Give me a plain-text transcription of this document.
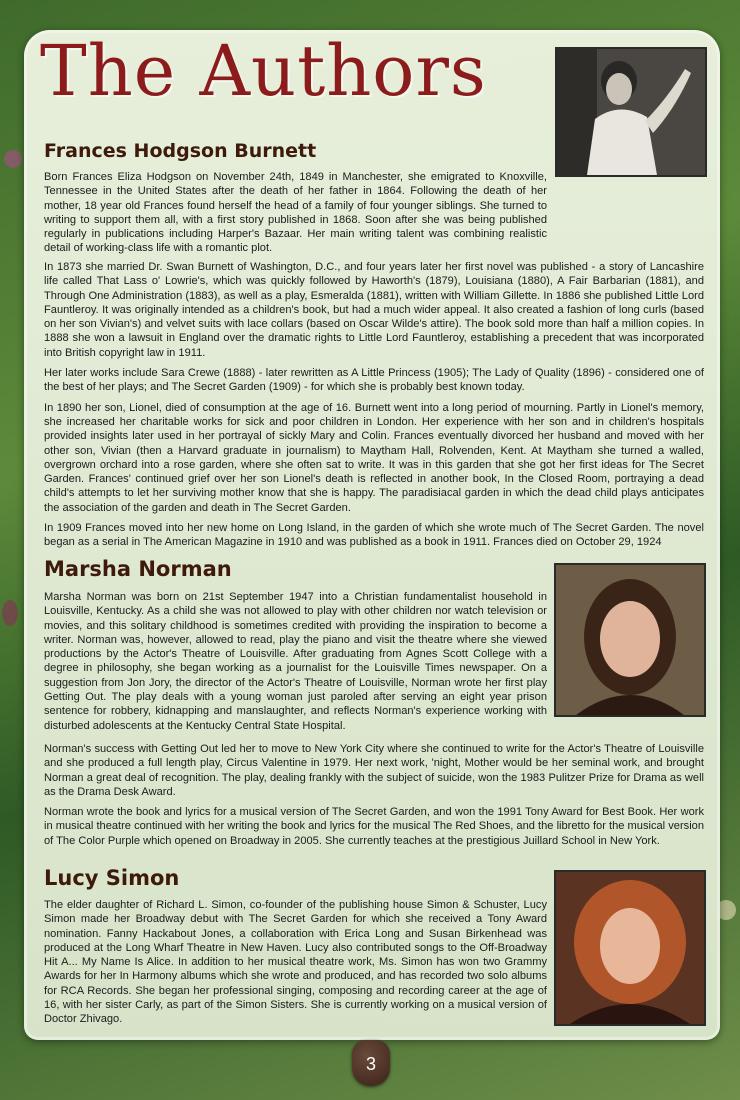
The Authors
Frances Hodgson Burnett

Born Frances Eliza Hodgson on November 24th, 1849 in Manchester, she emigrated to Knoxville, Tennessee in the United States after the death of her father in 1864. Following the death of her mother, 18 year old Frances found herself the head of a family of four younger siblings. She turned to writing to support them all, with a first story published in 1868. Soon after she was being published regularly in publications including Harper's Bazaar. Her main writing talent was combining realistic detail of working-class life with a romantic plot.

In 1873 she married Dr. Swan Burnett of Washington, D.C., and four years later her first novel was published - a story of Lancashire life called That Lass o' Lowrie's, which was quickly followed by Haworth's (1879), Louisiana (1880), A Fair Barbarian (1881), and Through One Administration (1883), as well as a play, Esmeralda (1881), written with William Gillette. In 1886 she published Little Lord Fauntleroy. It was originally intended as a children's book, but had a much wider appeal. It also created a fashion of long curls (based on her son Vivian's) and velvet suits with lace collars (based on Oscar Wilde's attire). The book sold more than half a million copies. In 1888 she won a lawsuit in England over the dramatic rights to Little Lord Fauntleroy, establishing a precedent that was incorporated into British copyright law in 1911.

Her later works include Sara Crewe (1888) - later rewritten as A Little Princess (1905); The Lady of Quality (1896) - considered one of the best of her plays; and The Secret Garden (1909) - for which she is probably best known today.

In 1890 her son, Lionel, died of consumption at the age of 16. Burnett went into a long period of mourning. Partly in Lionel's memory, she increased her charitable works for sick and poor children in London. Her experience with her son and in children's hospitals provided insights later used in her portrayal of sickly Mary and Colin. Frances eventually divorced her husband and moved with her other son, Vivian (then a Harvard graduate in journalism) to Maytham Hall, Rolvenden, Kent. At Maytham she turned a walled, overgrown orchard into a rose garden, where she often sat to write. It was in this garden that she got her first ideas for The Secret Garden. Frances' continued grief over her son Lionel's death is reflected in another book, In the Closed Room, portraying a dead child's attempts to let her surviving mother know that she is happy. The paradisiacal garden in which the dead child plays anticipates the association of the garden and death in The Secret Garden.

In 1909 Frances moved into her new home on Long Island, in the garden of which she wrote much of The Secret Garden. The novel began as a serial in The American Magazine in 1910 and was published as a book in 1911. Frances died on October 29, 1924

Marsha Norman

Marsha Norman was born on 21st September 1947 into a Christian fundamentalist household in Louisville, Kentucky. As a child she was not allowed to play with other children nor watch television or movies, and this solitary childhood is sometimes credited with providing the inspiration to become a writer. Norman was, however, allowed to read, play the piano and visit the theatre where she viewed productions by the Actor's Theatre of Louisville. After graduating from Agnes Scott College with a degree in philosophy, she began working as a journalist for the Louisville Times newspaper. On a suggestion from Jon Jory, the director of the Actor's Theatre of Louisville, Norman wrote her first play Getting Out. The play deals with a young woman just paroled after serving an eight year prison sentence for robbery, kidnapping and manslaughter, and reflects Norman's experience working with disturbed adolescents at the Kentucky Central State Hospital.

Norman's success with Getting Out led her to move to New York City where she continued to write for the Actor's Theatre of Louisville and she produced a full length play, Circus Valentine in 1979. Her next work, 'night, Mother would be her seminal work, and brought Norman a great deal of recognition. The play, dealing frankly with the subject of suicide, won the 1983 Pulitzer Prize for Drama as well as the Drama Desk Award.

Norman wrote the book and lyrics for a musical version of The Secret Garden, and won the 1991 Tony Award for Best Book. Her work in musical theatre continued with her writing the book and lyrics for the musical The Red Shoes, and the libretto for the musical version of The Color Purple which opened on Broadway in 2005. She currently teaches at the prestigious Juillard School in New York.

Lucy Simon

The elder daughter of Richard L. Simon, co-founder of the publishing house Simon & Schuster, Lucy Simon made her Broadway debut with The Secret Garden for which she received a Tony Award nomination. Fanny Hackabout Jones, a collaboration with Erica Long and Susan Birkenhead was produced at the Long Wharf Theatre in New Haven. Lucy also contributed songs to the Off-Broadway Hit A... My Name Is Alice. In addition to her musical theatre work, Ms. Simon has won two Grammy Awards for her In Harmony albums which she wrote and produced, and has recorded two solo albums for RCA Records. She began her professional singing, composing and recording career at the age of 16, with her sister Carly, as part of the Simon Sisters. She is currently working on a musical version of Doctor Zhivago.

3
